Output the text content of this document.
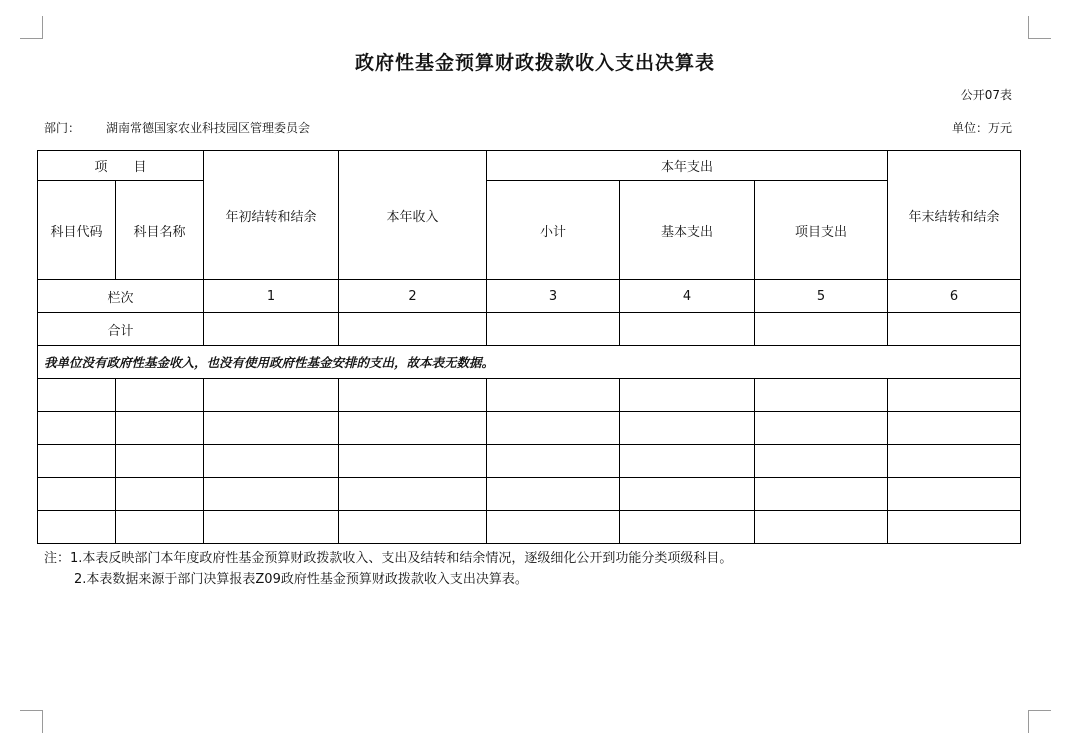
政府性基金预算财政拨款收入支出决算表
公开07表
部门： 湖南常德国家农业科技园区管理委员会	单位：万元
项　　目		年初结转和结余	本年收入	本年支出			年末结转和结余
科目代码	科目名称			小计	基本支出	项目支出	
栏次		1	2	3	4	5	6
合计							
我单位没有政府性基金收入，也没有使用政府性基金安排的支出，故本表无数据。							

注：1.本表反映部门本年度政府性基金预算财政拨款收入、支出及结转和结余情况，逐级细化公开到功能分类项级科目。
2.本表数据来源于部门决算报表Z09政府性基金预算财政拨款收入支出决算表。
